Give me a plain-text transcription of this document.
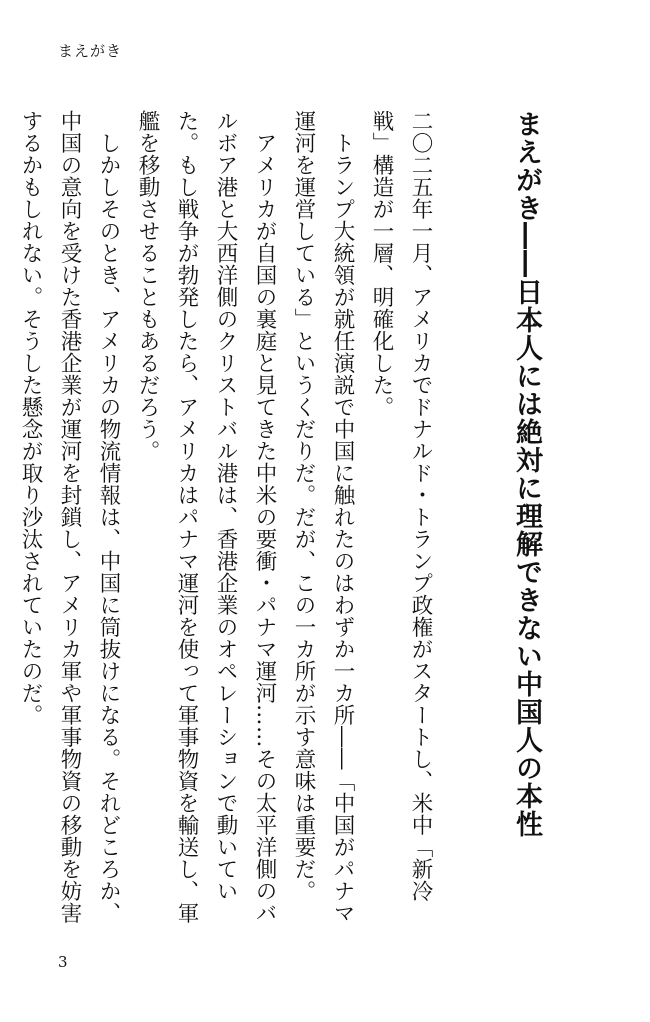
まえがき
まえがき――日本人には絶対に理解できない中国人の本性

二〇二五年一月、アメリカでドナルド・トランプ政権がスタートし、米中「新冷戦」構造が一層、明確化した。

トランプ大統領が就任演説で中国に触れたのはわずか一カ所――「中国がパナマ運河を運営している」というくだりだ。だが、この一カ所が示す意味は重要だ。

アメリカが自国の裏庭と見てきた中米の要衝・パナマ運河……その太平洋側のバルボア港と大西洋側のクリストバル港は、香港企業のオペレーションで動いていた。もし戦争が勃発したら、アメリカはパナマ運河を使って軍事物資を輸送し、軍艦を移動させることもあるだろう。

しかしそのとき、アメリカの物流情報は、中国に筒抜けになる。それどころか、中国の意向を受けた香港企業が運河を封鎖し、アメリカ軍や軍事物資の移動を妨害するかもしれない。そうした懸念が取り沙汰されていたのだ。

3
